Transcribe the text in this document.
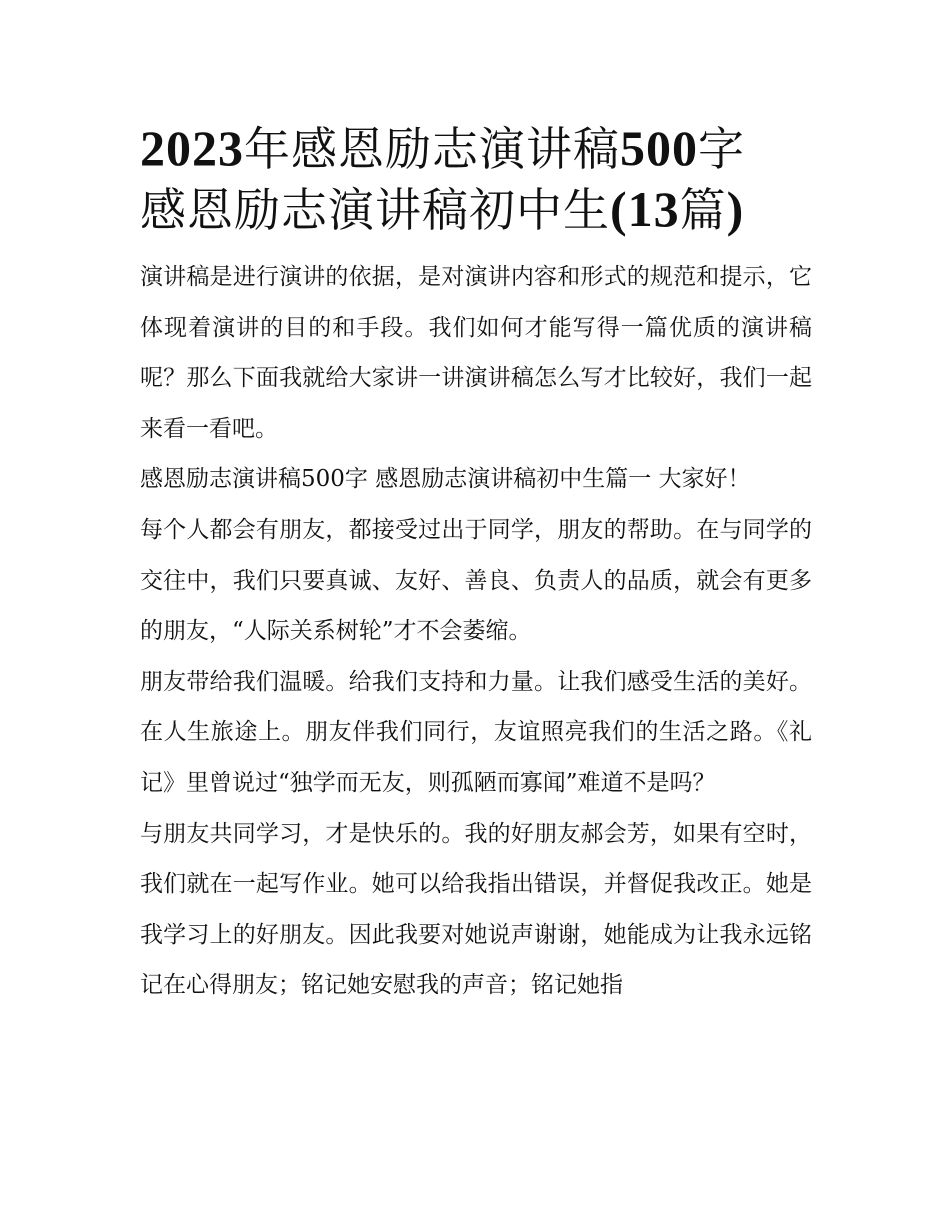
2023年感恩励志演讲稿500字
感恩励志演讲稿初中生(13篇)

演讲稿是进行演讲的依据，是对演讲内容和形式的规范和提示，它体现着演讲的目的和手段。我们如何才能写得一篇优质的演讲稿呢？那么下面我就给大家讲一讲演讲稿怎么写才比较好，我们一起来看一看吧。

感恩励志演讲稿500字 感恩励志演讲稿初中生篇一 大家好！

每个人都会有朋友，都接受过出于同学，朋友的帮助。在与同学的交往中，我们只要真诚、友好、善良、负责人的品质，就会有更多的朋友，“人际关系树轮”才不会萎缩。

朋友带给我们温暖。给我们支持和力量。让我们感受生活的美好。在人生旅途上。朋友伴我们同行，友谊照亮我们的生活之路。《礼记》里曾说过“独学而无友，则孤陋而寡闻”难道不是吗？

与朋友共同学习，才是快乐的。我的好朋友郝会芳，如果有空时，我们就在一起写作业。她可以给我指出错误，并督促我改正。她是我学习上的好朋友。因此我要对她说声谢谢，她能成为让我永远铭记在心得朋友；铭记她安慰我的声音；铭记她指
